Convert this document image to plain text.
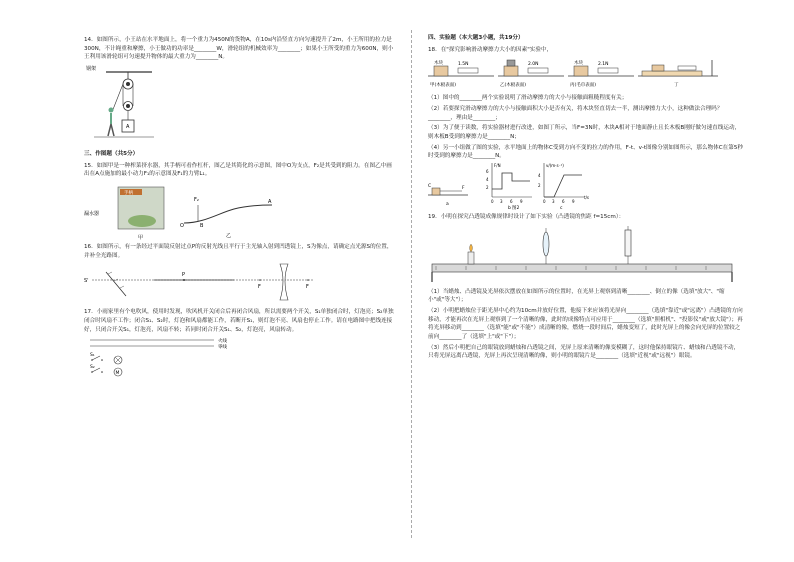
14．如图所示，小王站在水平地面上，将一个重力为450N的货物A，在10s内沿竖直方向匀速提升了2m，小王所用的拉力是300N，不计绳重和摩擦，小王做功的功率是________W，滑轮组的机械效率为________；如果小王所受的重力为600N，则小王利用该滑轮组可匀速提升物体的最大重力为________N。

钢架
A

三、作图题（共5分）

15．如图甲是一种榨菜挤水器，其手柄可看作杠杆，图乙是其简化的示意图，图中O为支点，F₂是其受到的阻力。在图乙中画出在A点施加的最小动力F₁的示意图及F₁的力臂L₁。

漏水器
手柄
甲
F₂
O	B
A
乙

16．如图所示，有一条经过平面镜反射过点P的反射光线且平行于主光轴入射到凹透镜上，S为像点，请确定点光源S的位置，并补全光路图。

S'
P
F	F

17．小雨家里有个电吹风，使用时发现，吹风机开关闭合后再闭合风扇，所以需要两个开关，S₁单独闭合时，灯泡亮；S₂单独闭合时风扇不工作；闭合S₁、S₂时，灯泡和风扇都能工作，若断开S₁，则灯泡不亮、风扇也停止工作。请在电路图中把线连接好，只闭合开关S₁，灯泡亮，风扇不转；若同时闭合开关S₁、S₂，灯泡亮，风扇转动。

火线
零线
S₁
S₂
M

四、实验题（本大题3小题，共19分）

18．在"探究影响滑动摩擦力大小的因素"实验中，

木块	1.5N
甲(木板表面)
2.0N
乙(木板表面)
木块	2.1N
丙(毛巾表面)	丁

（1）图中的________两个实验说明了滑动摩擦力的大小与接触面粗糙程度有关；

（2）若要探究滑动摩擦力的大小与接触面积大小是否有关，将木块竖直切去一半，测出摩擦力大小，这种做法合理吗？________，理由是________；

（3）为了便于读数，将实验器材进行改进，如图丁所示，当F=3N时，木块A相对于地面静止且长木板B刚好做匀速直线运动，则木板B受到的摩擦力是________N；

（4）另一小组做了图的实验，水平地面上的物体C受到方向不变的拉力的作用，F-t、v-t图像分别如图所示，那么物体C在第5秒时受到的摩擦力是________N。

C	F
a
F/N
2
4
6
0 3 6 9
b
v/(m·s⁻¹)
2
4
0 3 6 9
t/s
c
图2

19．小明在探究凸透镜成像规律时设计了如下实验（凸透镜的焦距 f=15cm）：

（1）当蜡烛、凸透镜及光屏依次摆放在如图所示的位置时，在光屏上观察到清晰________、倒立的像（选填"放大"、"缩小"或"等大"）；

（2）小明把蜡烛位于距光屏中心约为10cm并放好位置，他接下来应该将光屏向________（选填"靠近"或"远离"）凸透镜的方向移动，才能再次在光屏上观察到了一个清晰的像，此时的成像特点可应用于________（选填"照相机"、"投影仪"或"放大镜"）；再将光屏移动到________（选填"能"或"不能"）成清晰的像，燃烧一段时间后，蜡烛变短了，此时光屏上的像会向光屏的位置较之前向________了（选填"上"或"下"）；

（3）然后小明把自己的眼镜放到蜡烛和凸透镜之间，光屏上原来清晰的像变模糊了，这时他保持眼镜片、蜡烛和凸透镜不动，只将光屏远离凸透镜，光屏上再次呈现清晰的像，则小明的眼镜片是________（选填"近视"或"远视"）眼镜。
